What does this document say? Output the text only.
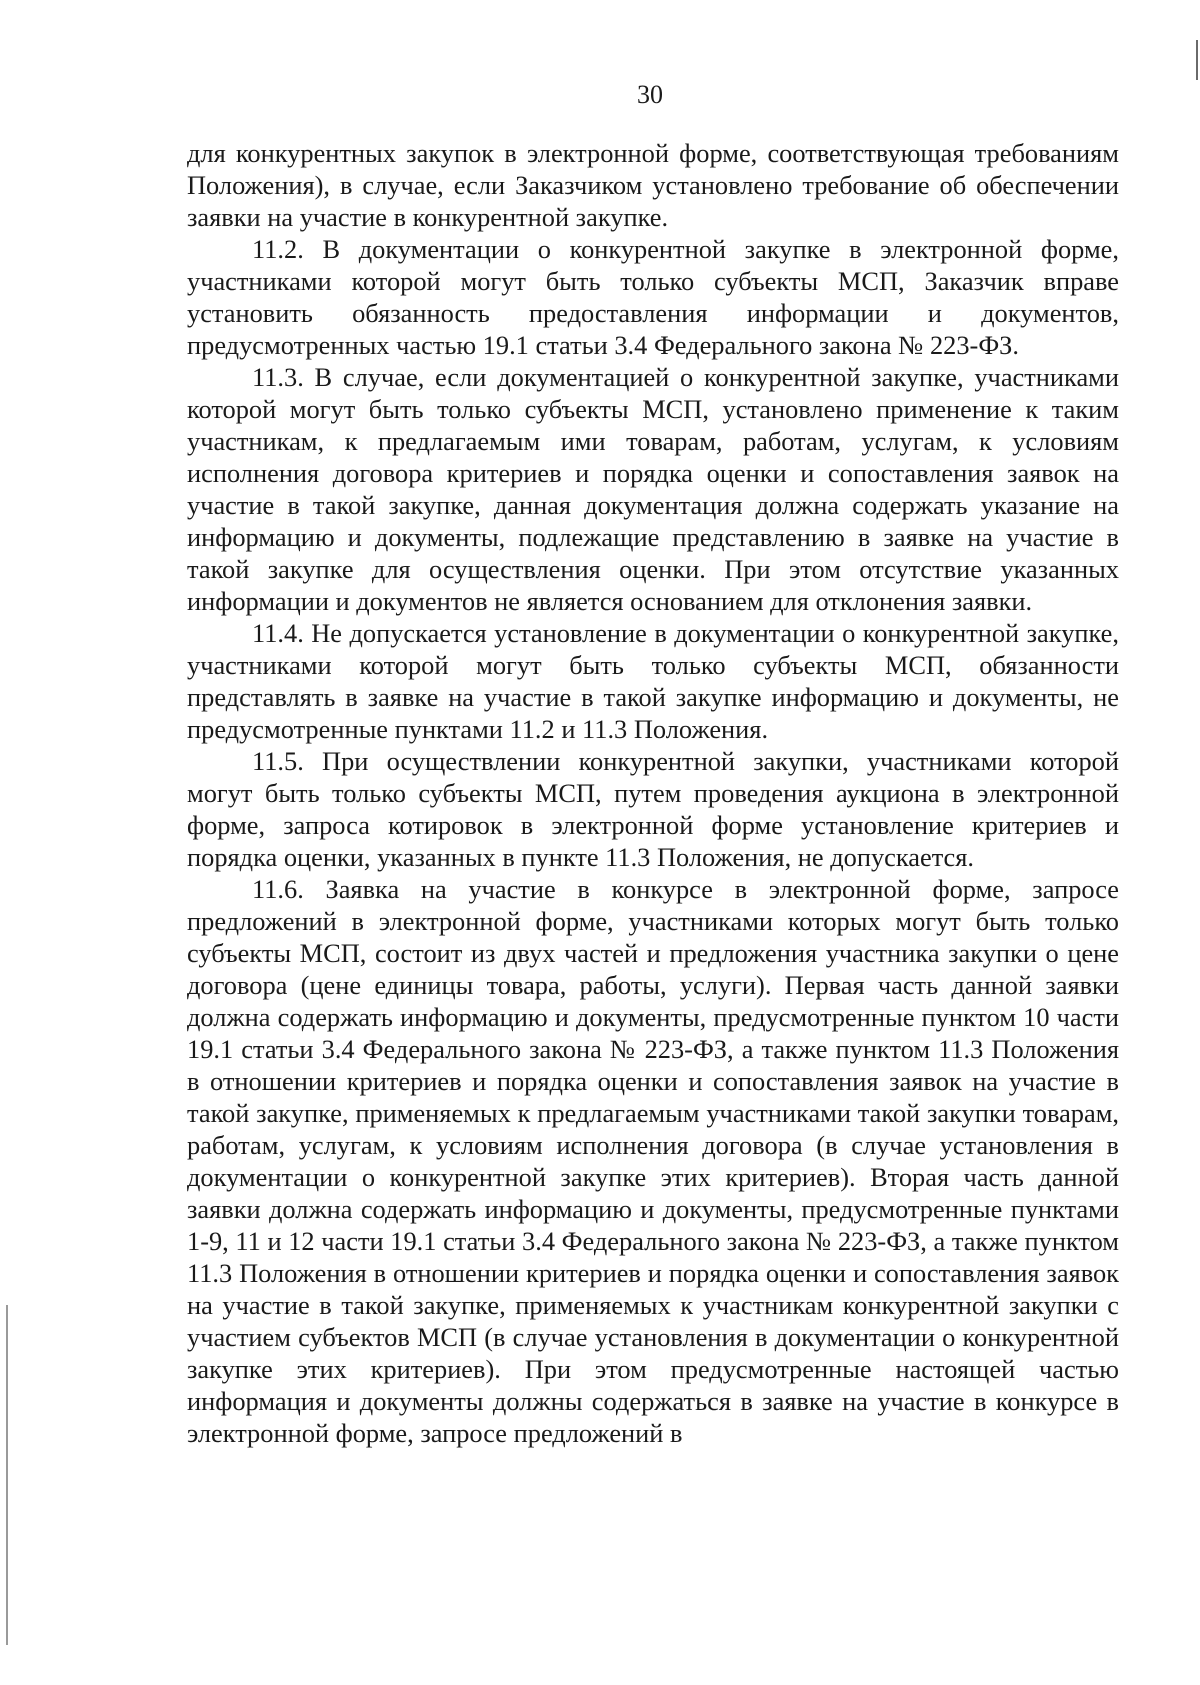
30

для конкурентных закупок в электронной форме, соответствующая требованиям Положения), в случае, если Заказчиком установлено требование об обеспечении заявки на участие в конкурентной закупке.

11.2. В документации о конкурентной закупке в электронной форме, участниками которой могут быть только субъекты МСП, Заказчик вправе установить обязанность предоставления информации и документов, предусмотренных частью 19.1 статьи 3.4 Федерального закона № 223-ФЗ.

11.3. В случае, если документацией о конкурентной закупке, участниками которой могут быть только субъекты МСП, установлено применение к таким участникам, к предлагаемым ими товарам, работам, услугам, к условиям исполнения договора критериев и порядка оценки и сопоставления заявок на участие в такой закупке, данная документация должна содержать указание на информацию и документы, подлежащие представлению в заявке на участие в такой закупке для осуществления оценки. При этом отсутствие указанных информации и документов не является основанием для отклонения заявки.

11.4. Не допускается установление в документации о конкурентной закупке, участниками которой могут быть только субъекты МСП, обязанности представлять в заявке на участие в такой закупке информацию и документы, не предусмотренные пунктами 11.2 и 11.3 Положения.

11.5. При осуществлении конкурентной закупки, участниками которой могут быть только субъекты МСП, путем проведения аукциона в электронной форме, запроса котировок в электронной форме установление критериев и порядка оценки, указанных в пункте 11.3 Положения, не допускается.

11.6. Заявка на участие в конкурсе в электронной форме, запросе предложений в электронной форме, участниками которых могут быть только субъекты МСП, состоит из двух частей и предложения участника закупки о цене договора (цене единицы товара, работы, услуги). Первая часть данной заявки должна содержать информацию и документы, предусмотренные пунктом 10 части 19.1 статьи 3.4 Федерального закона № 223-ФЗ, а также пунктом 11.3 Положения в отношении критериев и порядка оценки и сопоставления заявок на участие в такой закупке, применяемых к предлагаемым участниками такой закупки товарам, работам, услугам, к условиям исполнения договора (в случае установления в документации о конкурентной закупке этих критериев). Вторая часть данной заявки должна содержать информацию и документы, предусмотренные пунктами 1-9, 11 и 12 части 19.1 статьи 3.4 Федерального закона № 223-ФЗ, а также пунктом 11.3 Положения в отношении критериев и порядка оценки и сопоставления заявок на участие в такой закупке, применяемых к участникам конкурентной закупки с участием субъектов МСП (в случае установления в документации о конкурентной закупке этих критериев). При этом предусмотренные настоящей частью информация и документы должны содержаться в заявке на участие в конкурсе в электронной форме, запросе предложений в
